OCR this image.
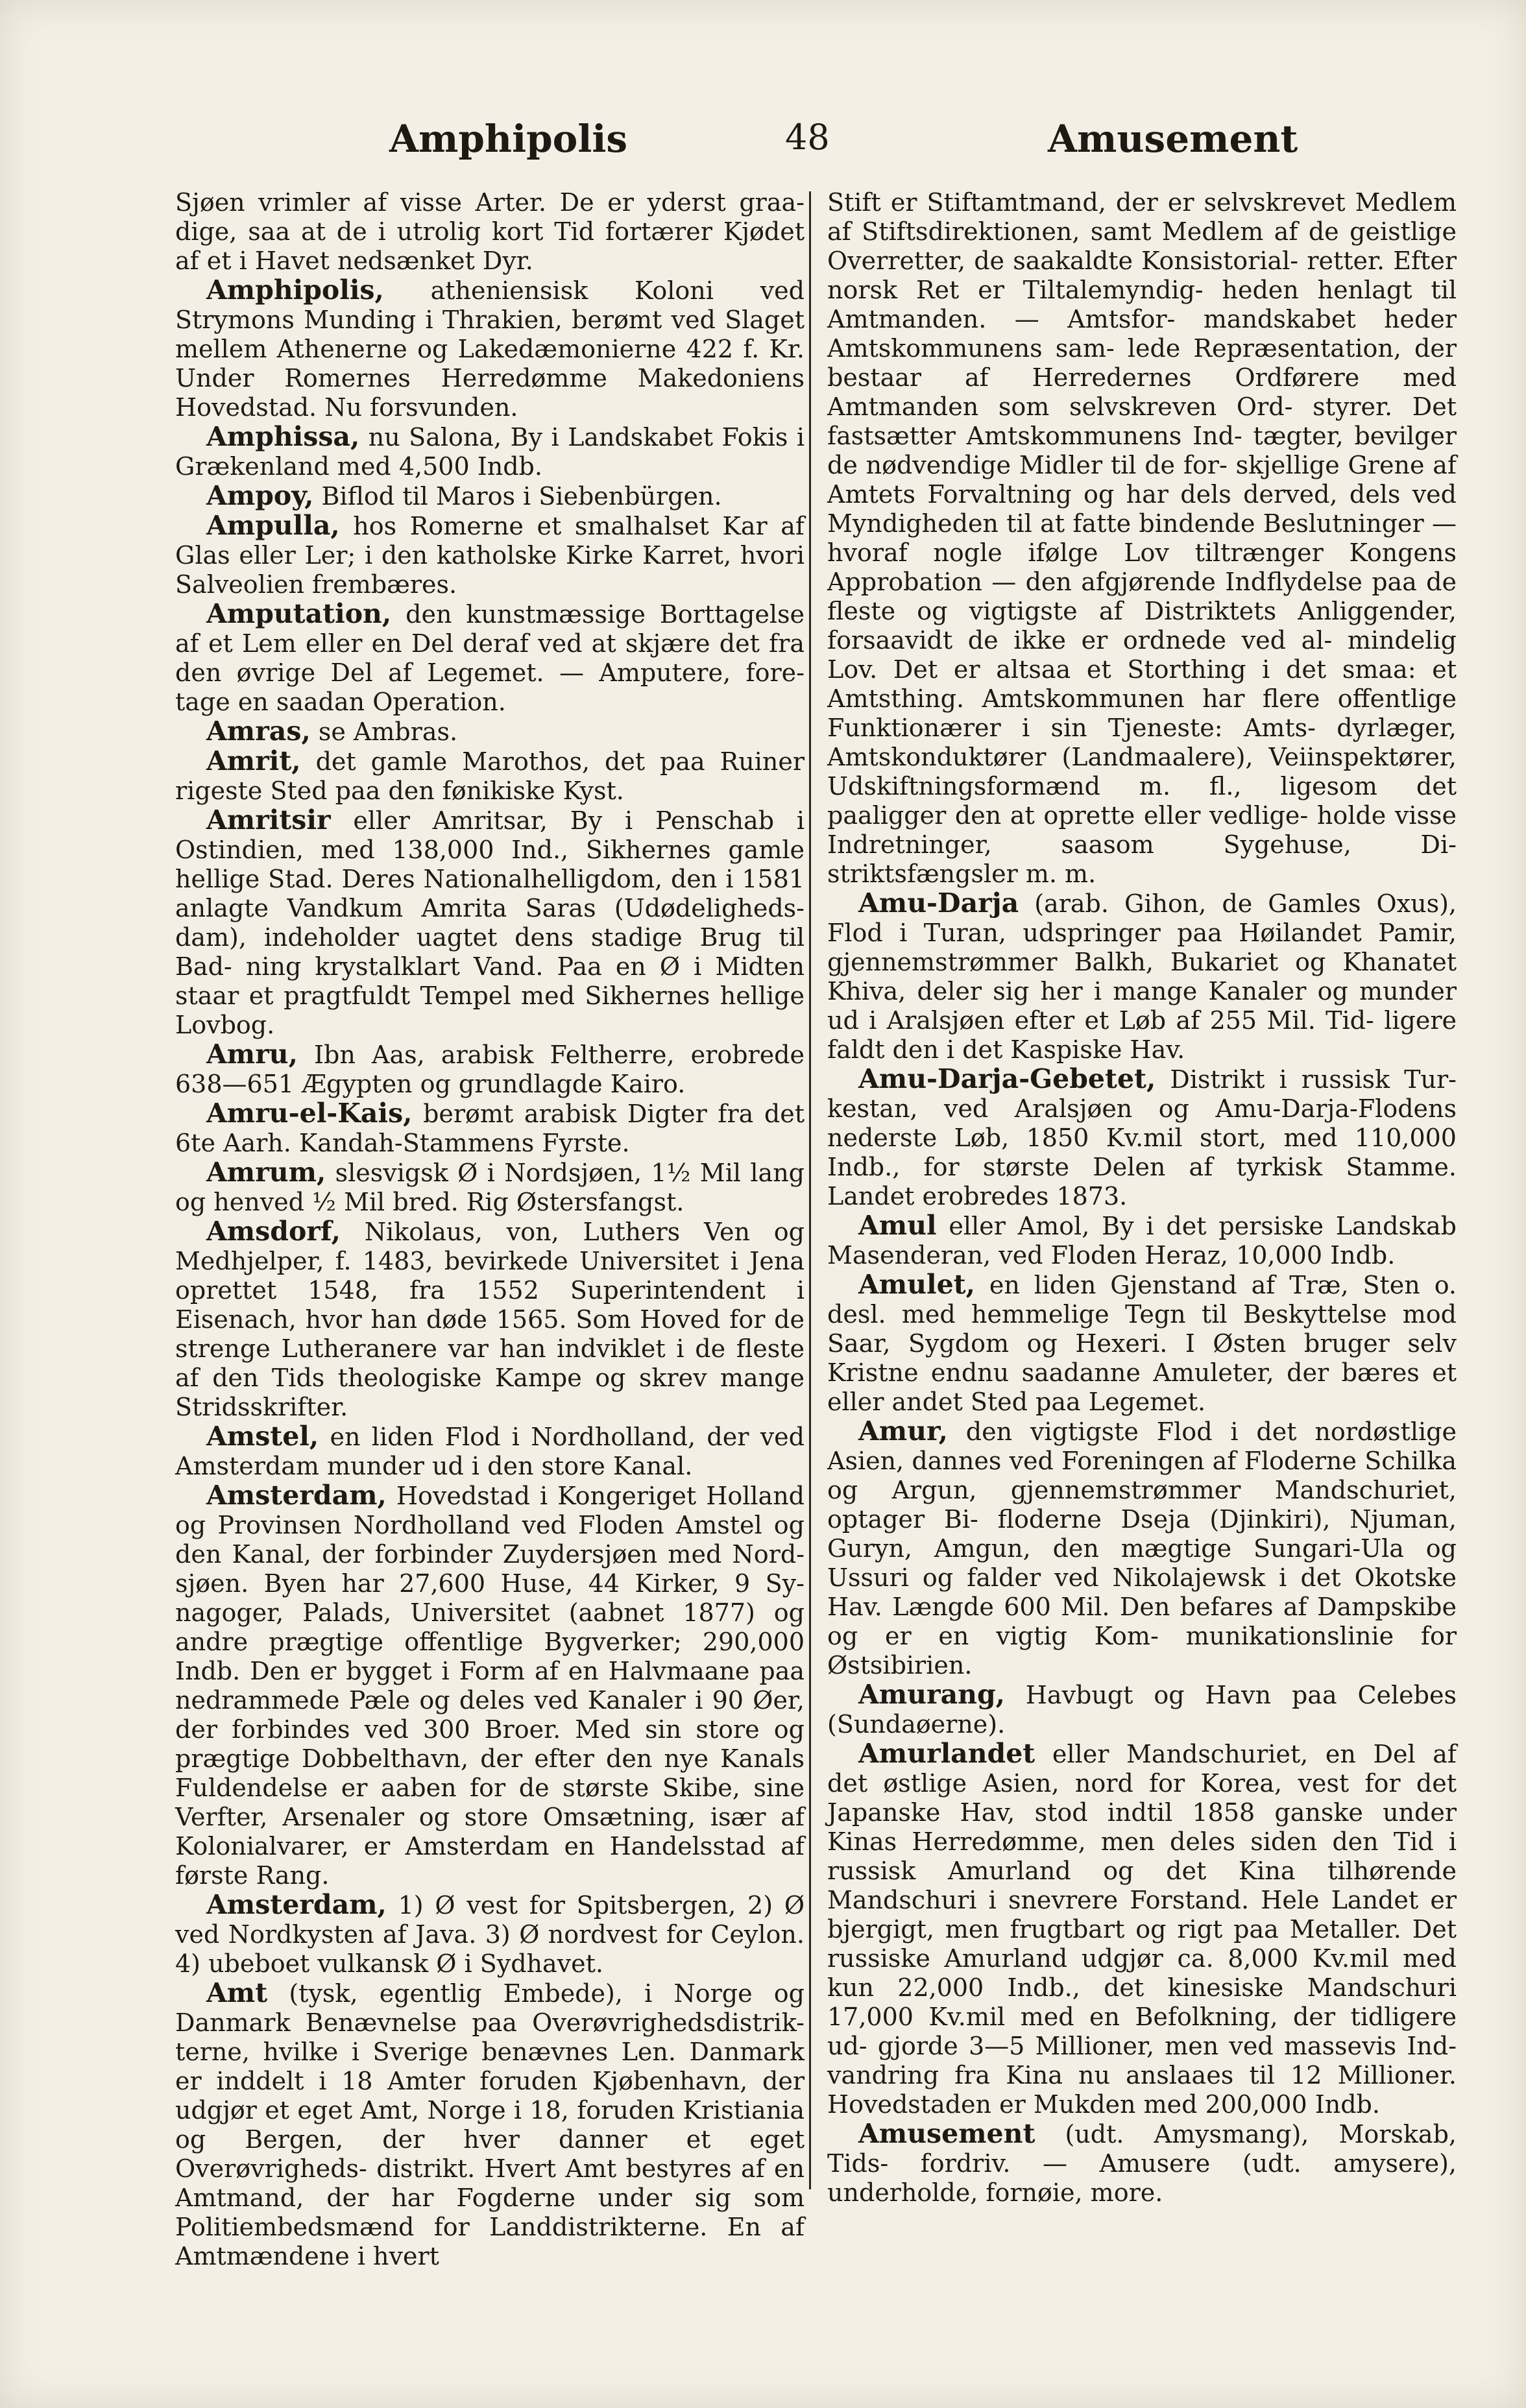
Amphipolis	48	Amusement

Sjøen vrimler af visse Arter. De er yderst graa- dige, saa at de i utrolig kort Tid fortærer Kjødet af et i Havet nedsænket Dyr.

Amphipolis, atheniensisk Koloni ved Strymons Munding i Thrakien, berømt ved Slaget mellem Athenerne og Lakedæmonierne 422 f. Kr. Under Romernes Herredømme Makedoniens Hovedstad. Nu forsvunden.

Amphissa, nu Salona, By i Landskabet Fokis i Grækenland med 4,500 Indb.

Ampoy, Biflod til Maros i Siebenbürgen.

Ampulla, hos Romerne et smalhalset Kar af Glas eller Ler; i den katholske Kirke Karret, hvori Salveolien frembæres.

Amputation, den kunstmæssige Borttagelse af et Lem eller en Del deraf ved at skjære det fra den øvrige Del af Legemet. — Amputere, fore- tage en saadan Operation.

Amras, se Ambras.

Amrit, det gamle Marothos, det paa Ruiner rigeste Sted paa den fønikiske Kyst.

Amritsir eller Amritsar, By i Penschab i Ostindien, med 138,000 Ind., Sikhernes gamle hellige Stad. Deres Nationalhelligdom, den i 1581 anlagte Vandkum Amrita Saras (Udødeligheds- dam), indeholder uagtet dens stadige Brug til Bad- ning krystalklart Vand. Paa en Ø i Midten staar et pragtfuldt Tempel med Sikhernes hellige Lovbog.

Amru, Ibn Aas, arabisk Feltherre, erobrede 638—651 Ægypten og grundlagde Kairo.

Amru-el-Kais, berømt arabisk Digter fra det 6te Aarh. Kandah-Stammens Fyrste.

Amrum, slesvigsk Ø i Nordsjøen, 1½ Mil lang og henved ½ Mil bred. Rig Østersfangst.

Amsdorf, Nikolaus, von, Luthers Ven og Medhjelper, f. 1483, bevirkede Universitet i Jena oprettet 1548, fra 1552 Superintendent i Eisenach, hvor han døde 1565. Som Hoved for de strenge Lutheranere var han indviklet i de fleste af den Tids theologiske Kampe og skrev mange Stridsskrifter.

Amstel, en liden Flod i Nordholland, der ved Amsterdam munder ud i den store Kanal.

Amsterdam, Hovedstad i Kongeriget Holland og Provinsen Nordholland ved Floden Amstel og den Kanal, der forbinder Zuydersjøen med Nord- sjøen. Byen har 27,600 Huse, 44 Kirker, 9 Sy- nagoger, Palads, Universitet (aabnet 1877) og andre prægtige offentlige Bygverker; 290,000 Indb. Den er bygget i Form af en Halvmaane paa nedrammede Pæle og deles ved Kanaler i 90 Øer, der forbindes ved 300 Broer. Med sin store og prægtige Dobbelthavn, der efter den nye Kanals Fuldendelse er aaben for de største Skibe, sine Verfter, Arsenaler og store Omsætning, især af Kolonialvarer, er Amsterdam en Handelsstad af første Rang.

Amsterdam, 1) Ø vest for Spitsbergen, 2) Ø ved Nordkysten af Java. 3) Ø nordvest for Ceylon. 4) ubeboet vulkansk Ø i Sydhavet.

Amt (tysk, egentlig Embede), i Norge og Danmark Benævnelse paa Overøvrighedsdistrik- terne, hvilke i Sverige benævnes Len. Danmark er inddelt i 18 Amter foruden Kjøbenhavn, der udgjør et eget Amt, Norge i 18, foruden Kristiania og Bergen, der hver danner et eget Overøvrigheds- distrikt. Hvert Amt bestyres af en Amtmand, der har Fogderne under sig som Politiembedsmænd for Landdistrikterne. En af Amtmændene i hvert

Stift er Stiftamtmand, der er selvskrevet Medlem af Stiftsdirektionen, samt Medlem af de geistlige Overretter, de saakaldte Konsistorial- retter. Efter norsk Ret er Tiltalemyndig- heden henlagt til Amtmanden. — Amtsfor- mandskabet heder Amtskommunens sam- lede Repræsentation, der bestaar af Herredernes Ordførere med Amtmanden som selvskreven Ord- styrer. Det fastsætter Amtskommunens Ind- tægter, bevilger de nødvendige Midler til de for- skjellige Grene af Amtets Forvaltning og har dels derved, dels ved Myndigheden til at fatte bindende Beslutninger — hvoraf nogle ifølge Lov tiltrænger Kongens Approbation — den afgjørende Indflydelse paa de fleste og vigtigste af Distriktets Anliggender, forsaavidt de ikke er ordnede ved al- mindelig Lov. Det er altsaa et Storthing i det smaa: et Amtsthing. Amtskommunen har flere offentlige Funktionærer i sin Tjeneste: Amts- dyrlæger, Amtskonduktører (Landmaalere), Veiinspektører, Udskiftningsformænd m. fl., ligesom det paaligger den at oprette eller vedlige- holde visse Indretninger, saasom Sygehuse, Di- striktsfængsler m. m.

Amu-Darja (arab. Gihon, de Gamles Oxus), Flod i Turan, udspringer paa Høilandet Pamir, gjennemstrømmer Balkh, Bukariet og Khanatet Khiva, deler sig her i mange Kanaler og munder ud i Aralsjøen efter et Løb af 255 Mil. Tid- ligere faldt den i det Kaspiske Hav.

Amu-Darja-Gebetet, Distrikt i russisk Tur- kestan, ved Aralsjøen og Amu-Darja-Flodens nederste Løb, 1850 Kv.mil stort, med 110,000 Indb., for største Delen af tyrkisk Stamme. Landet erobredes 1873.

Amul eller Amol, By i det persiske Landskab Masenderan, ved Floden Heraz, 10,000 Indb.

Amulet, en liden Gjenstand af Træ, Sten o. desl. med hemmelige Tegn til Beskyttelse mod Saar, Sygdom og Hexeri. I Østen bruger selv Kristne endnu saadanne Amuleter, der bæres et eller andet Sted paa Legemet.

Amur, den vigtigste Flod i det nordøstlige Asien, dannes ved Foreningen af Floderne Schilka og Argun, gjennemstrømmer Mandschuriet, optager Bi- floderne Dseja (Djinkiri), Njuman, Guryn, Amgun, den mægtige Sungari-Ula og Ussuri og falder ved Nikolajewsk i det Okotske Hav. Længde 600 Mil. Den befares af Dampskibe og er en vigtig Kom- munikationslinie for Østsibirien.

Amurang, Havbugt og Havn paa Celebes (Sundaøerne).

Amurlandet eller Mandschuriet, en Del af det østlige Asien, nord for Korea, vest for det Japanske Hav, stod indtil 1858 ganske under Kinas Herredømme, men deles siden den Tid i russisk Amurland og det Kina tilhørende Mandschuri i snevrere Forstand. Hele Landet er bjergigt, men frugtbart og rigt paa Metaller. Det russiske Amurland udgjør ca. 8,000 Kv.mil med kun 22,000 Indb., det kinesiske Mandschuri 17,000 Kv.mil med en Befolkning, der tidligere ud- gjorde 3—5 Millioner, men ved massevis Ind- vandring fra Kina nu anslaaes til 12 Millioner. Hovedstaden er Mukden med 200,000 Indb.

Amusement (udt. Amysmang), Morskab, Tids- fordriv. — Amusere (udt. amysere), underholde, fornøie, more.
